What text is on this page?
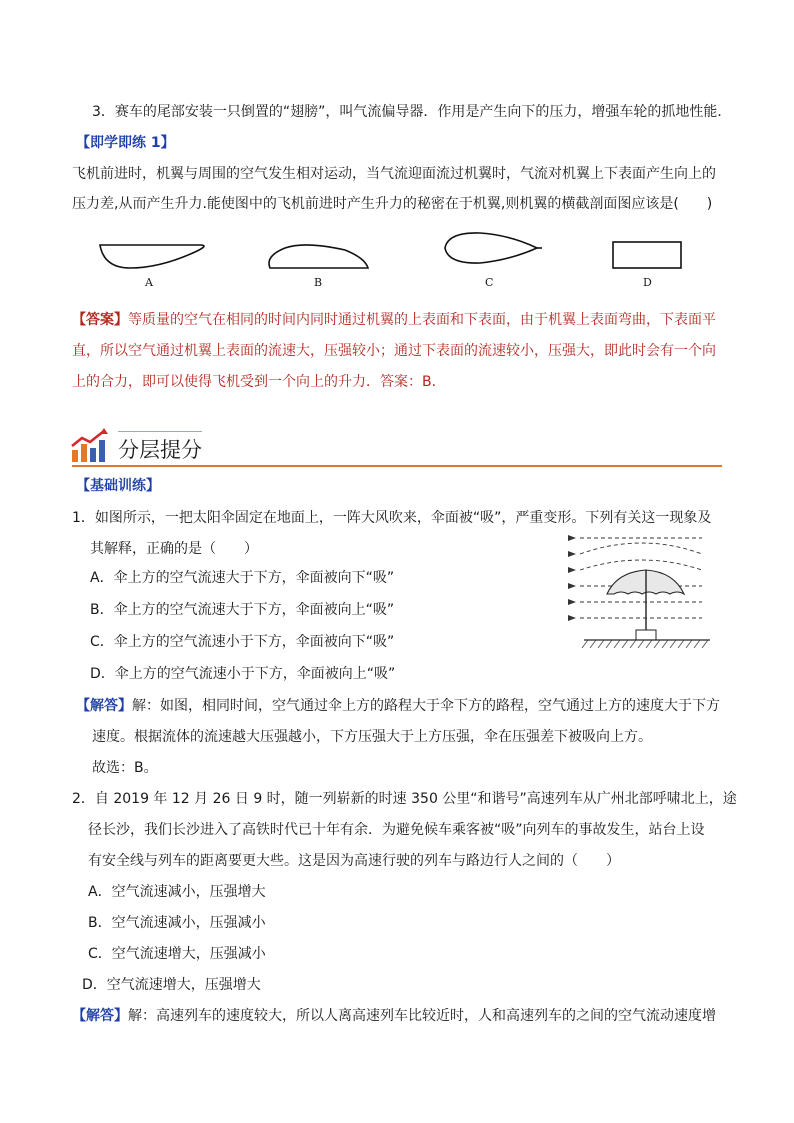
3．赛车的尾部安装一只倒置的“翅膀”，叫气流偏导器．作用是产生向下的压力，增强车轮的抓地性能．
【即学即练 1】
飞机前进时，机翼与周围的空气发生相对运动，当气流迎面流过机翼时，气流对机翼上下表面产生向上的
压力差,从而产生升力.能使图中的飞机前进时产生升力的秘密在于机翼,则机翼的横截剖面图应该是(　　)
A	B	C	D
【答案】等质量的空气在相同的时间内同时通过机翼的上表面和下表面，由于机翼上表面弯曲，下表面平
直，所以空气通过机翼上表面的流速大，压强较小；通过下表面的流速较小，压强大，即此时会有一个向
上的合力，即可以使得飞机受到一个向上的升力．答案：B．
分层提分
【基础训练】
1．如图所示，一把太阳伞固定在地面上，一阵大风吹来，伞面被“吸”，严重变形。下列有关这一现象及
其解释，正确的是（　　）
A．伞上方的空气流速大于下方，伞面被向下“吸”
B．伞上方的空气流速大于下方，伞面被向上“吸”
C．伞上方的空气流速小于下方，伞面被向下“吸”
D．伞上方的空气流速小于下方，伞面被向上“吸”
【解答】解：如图，相同时间，空气通过伞上方的路程大于伞下方的路程，空气通过上方的速度大于下方
速度。根据流体的流速越大压强越小，下方压强大于上方压强，伞在压强差下被吸向上方。
故选：B。
2．自 2019 年 12 月 26 日 9 时，随一列崭新的时速 350 公里“和谐号”高速列车从广州北部呼啸北上，途
径长沙，我们长沙进入了高铁时代已十年有余．为避免候车乘客被“吸”向列车的事故发生，站台上设
有安全线与列车的距离要更大些。这是因为高速行驶的列车与路边行人之间的（　　）
A．空气流速减小，压强增大
B．空气流速减小，压强减小
C．空气流速增大，压强减小
D．空气流速增大，压强增大
【解答】解：高速列车的速度较大，所以人离高速列车比较近时，人和高速列车的之间的空气流动速度增
